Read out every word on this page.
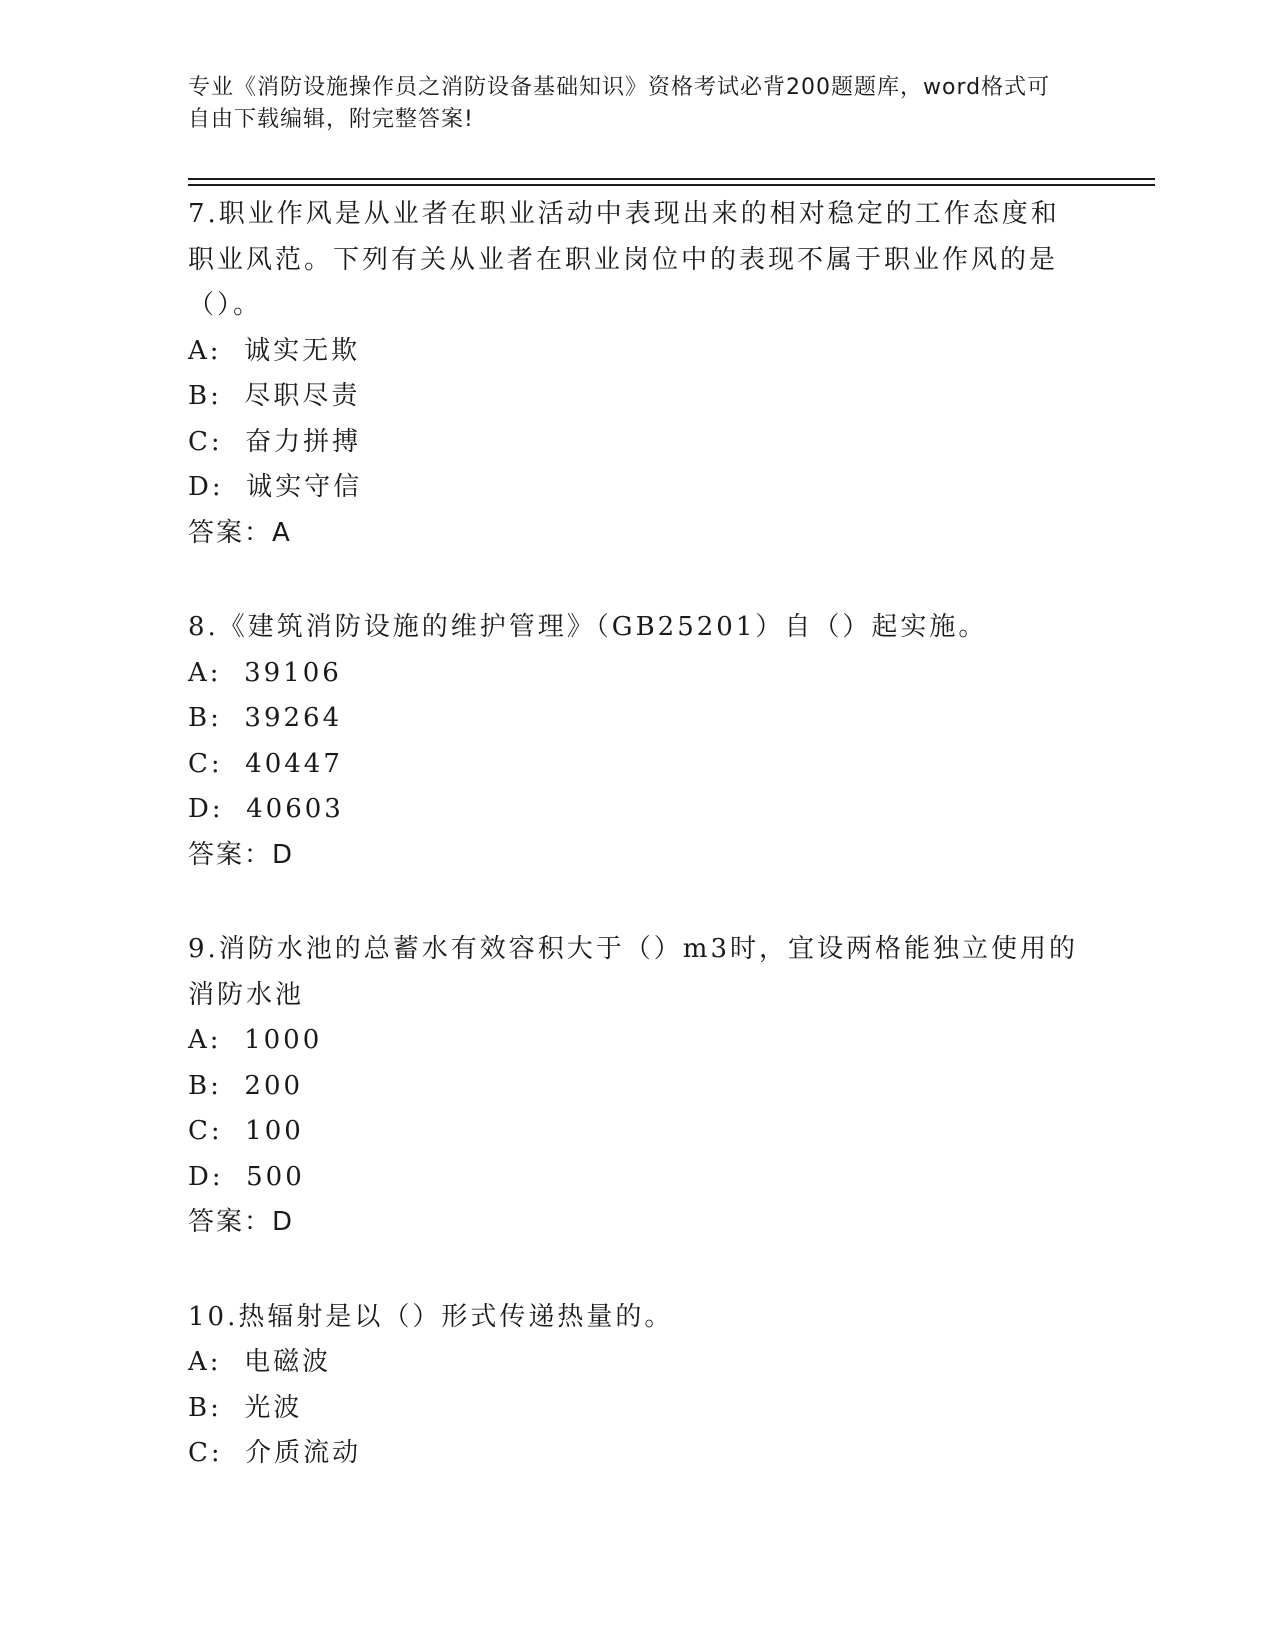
专业《消防设施操作员之消防设备基础知识》资格考试必背200题题库，word格式可自由下载编辑，附完整答案!
7.职业作风是从业者在职业活动中表现出来的相对稳定的工作态度和职业风范。下列有关从业者在职业岗位中的表现不属于职业作风的是（）。
A:  诚实无欺
B:  尽职尽责
C:  奋力拼搏
D:  诚实守信
答案：A
8.《建筑消防设施的维护管理》（GB25201）自（）起实施。
A:  39106
B:  39264
C:  40447
D:  40603
答案：D
9.消防水池的总蓄水有效容积大于（）m3时，宜设两格能独立使用的消防水池
A:  1000
B:  200
C:  100
D:  500
答案：D
10.热辐射是以（）形式传递热量的。
A:  电磁波
B:  光波
C:  介质流动
